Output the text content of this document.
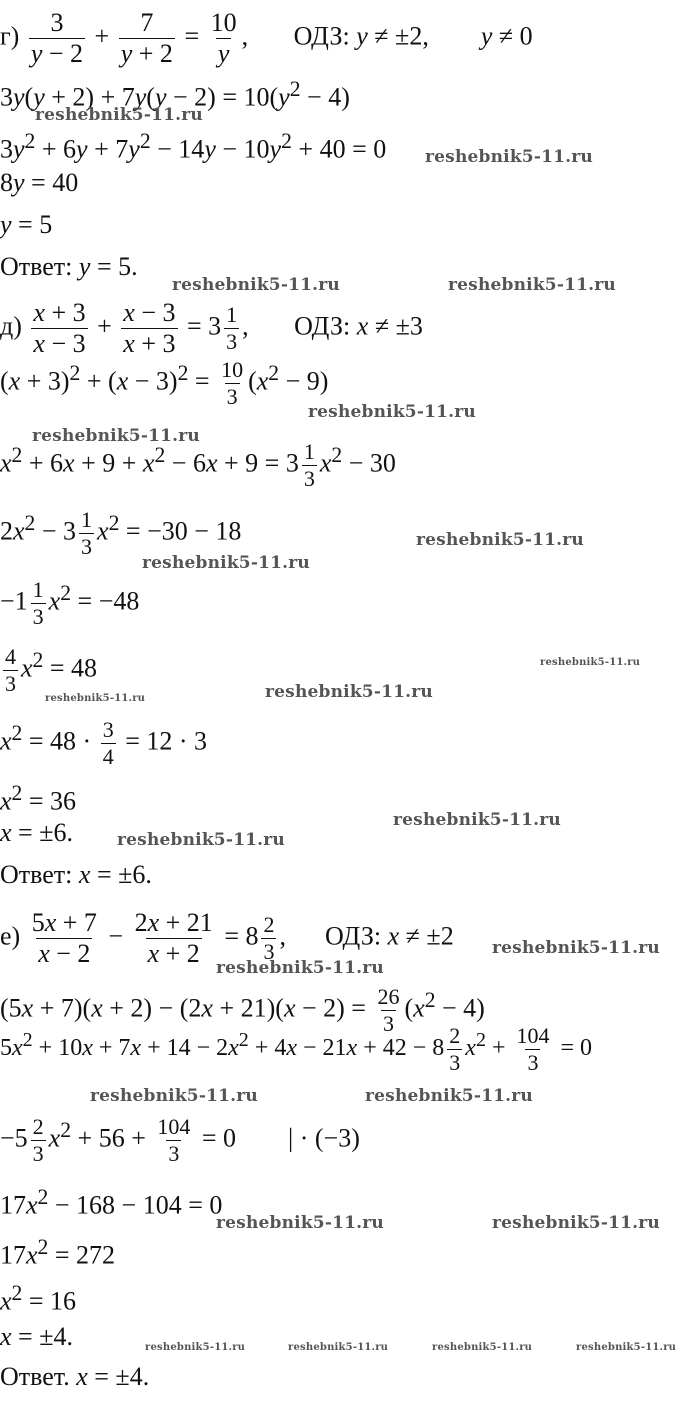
$г) \frac{3}{y - 2} + \frac{7}{y + 2} = \frac{10}{y}$ ,       ОДЗ: y ≠ ±2,        y ≠ 0
$3y(y + 2) + 7y(y - 2) = 10(y^2 - 4)$
$3y^2 + 6y + 7y^2 - 14y - 10y^2 + 40 = 0$
8y = 40
y = 5
Ответ: y = 5.
$д) \frac{x + 3}{x - 3} + \frac{x - 3}{x + 3} = 3 \frac{1}{3}$ ,       ОДЗ: x ≠ ±3
$(x + 3)^2 + (x - 3)^2 = \frac{10}{3} (x^2 - 9)$
$x^2 + 6x + 9 + x^2 - 6x + 9 = 3 \frac{1}{3} x^2 - 30$
$2x^2 - 3 \frac{1}{3} x^2 = -30 - 18$
$-1 \frac{1}{3} x^2 = -48$
$\frac{4}{3} x^2 = 48$
$x^2 = 48 \cdot \frac{3}{4} = 12 \cdot 3$
$x^2 = 36$
x = ±6.
Ответ: x = ±6.
$е) \frac{5x + 7}{x - 2} - \frac{2x + 21}{x + 2} = 8 \frac{2}{3}$ ,      ОДЗ: x ≠ ±2
$(5x + 7)(x + 2) - (2x + 21)(x - 2) = \frac{26}{3} (x^2 - 4)$
$5x^2 + 10x + 7x + 14 - 2x^2 + 4x - 21x + 42 - 8 \frac{2}{3} x^2 + \frac{104}{3} = 0$
$-5 \frac{2}{3} x^2 + 56 + \frac{104}{3} = 0$        | · (−3)
$17x^2 - 168 - 104 = 0$
$17x^2 = 272$
$x^2 = 16$
x = ±4.
Ответ. x = ±4.
reshebnik5-11.ru
reshebnik5-11.ru
reshebnik5-11.ru	reshebnik5-11.ru
reshebnik5-11.ru
reshebnik5-11.ru
reshebnik5-11.ru
reshebnik5-11.ru
reshebnik5-11.ru
reshebnik5-11.ru
reshebnik5-11.ru
reshebnik5-11.ru
reshebnik5-11.ru
reshebnik5-11.ru
reshebnik5-11.ru
reshebnik5-11.ru	reshebnik5-11.ru
reshebnik5-11.ru	reshebnik5-11.ru
reshebnik5-11.ru	reshebnik5-11.ru	reshebnik5-11.ru	reshebnik5-11.ru
